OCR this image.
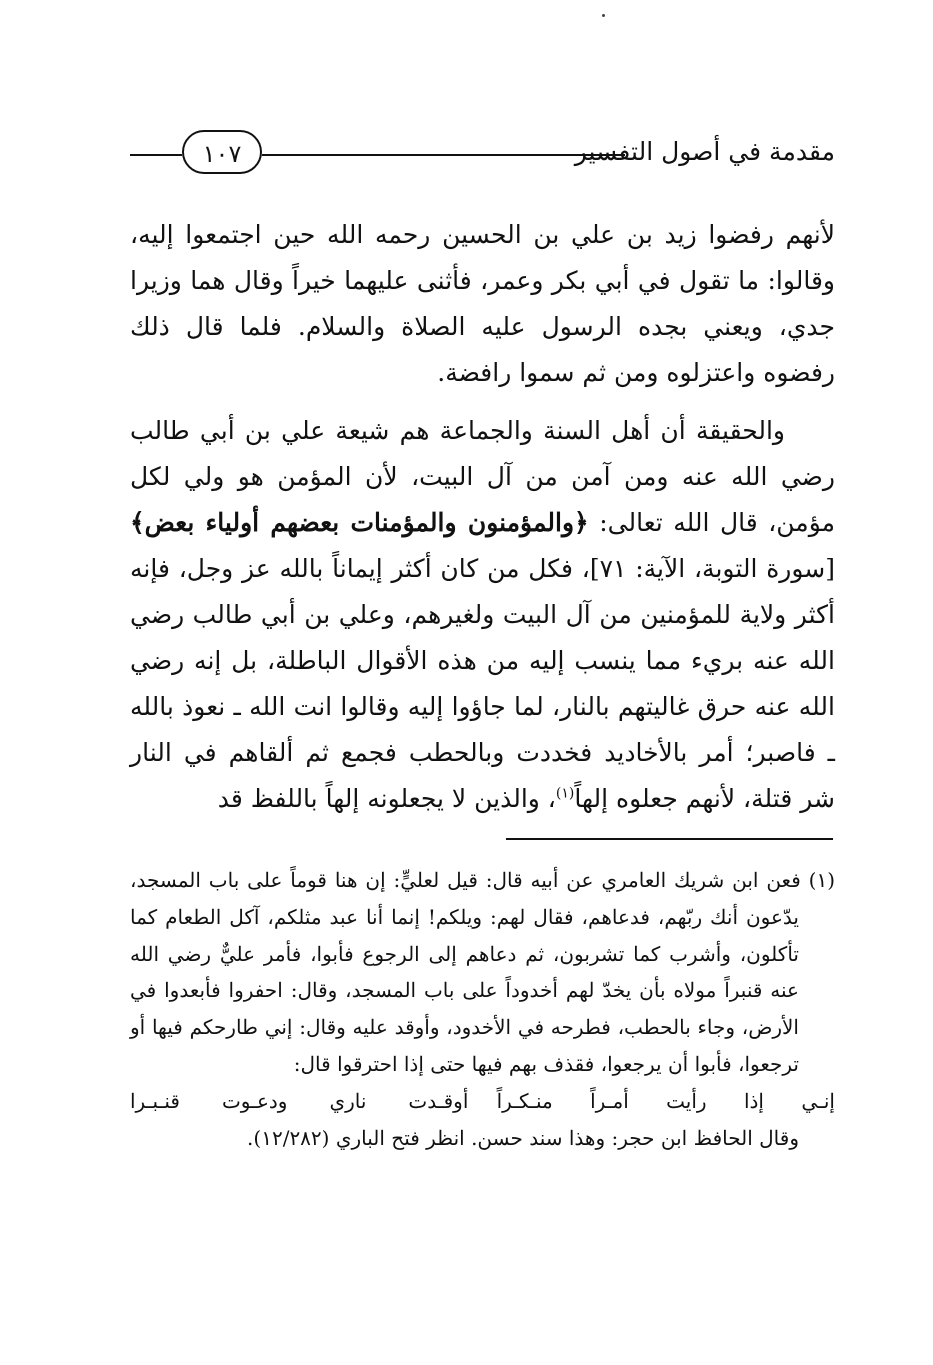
مقدمة في أصول التفسير
١٠٧

لأنهم رفضوا زيد بن علي بن الحسين رحمه الله حين اجتمعوا إليه، وقالوا: ما تقول في أبي بكر وعمر، فأثنى عليهما خيراً وقال هما وزيرا جدي، ويعني بجده الرسول عليه الصلاة والسلام. فلما قال ذلك رفضوه واعتزلوه ومن ثم سموا رافضة.

والحقيقة أن أهل السنة والجماعة هم شيعة علي بن أبي طالب رضي الله عنه ومن آمن من آل البيت، لأن المؤمن هو ولي لكل مؤمن، قال الله تعالى: ﴿والمؤمنون والمؤمنات بعضهم أولياء بعض﴾ [سورة التوبة، الآية: ٧١]، فكل من كان أكثر إيماناً بالله عز وجل، فإنه أكثر ولاية للمؤمنين من آل البيت ولغيرهم، وعلي بن أبي طالب رضي الله عنه بريء مما ينسب إليه من هذه الأقوال الباطلة، بل إنه رضي الله عنه حرق غاليتهم بالنار، لما جاؤوا إليه وقالوا انت الله ـ نعوذ بالله ـ فاصبر؛ أمر بالأخاديد فخددت وبالحطب فجمع ثم ألقاهم في النار شر قتلة، لأنهم جعلوه إلهاً$^{(١)}$، والذين لا يجعلونه إلهاً باللفظ قد

(١) فعن ابن شريك العامري عن أبيه قال: قيل لعليٍّ: إن هنا قوماً على باب المسجد، يدّعون أنك ربّهم، فدعاهم، فقال لهم: ويلكم! إنما أنا عبد مثلكم، آكل الطعام كما تأكلون، وأشرب كما تشربون، ثم دعاهم إلى الرجوع فأبوا، فأمر عليٌّ رضي الله عنه قنبراً مولاه بأن يخدّ لهم أخدوداً على باب المسجد، وقال: احفروا فأبعدوا في الأرض، وجاء بالحطب، فطرحه في الأخدود، وأوقد عليه وقال: إني طارحكم فيها أو ترجعوا، فأبوا أن يرجعوا، فقذف بهم فيها حتى إذا احترقوا قال:

إنـي إذا رأيت أمـراً منـكـراً
أوقـدت ناري ودعـوت قنـبـرا

وقال الحافظ ابن حجر: وهذا سند حسن. انظر فتح الباري (١٢/٢٨٢).
